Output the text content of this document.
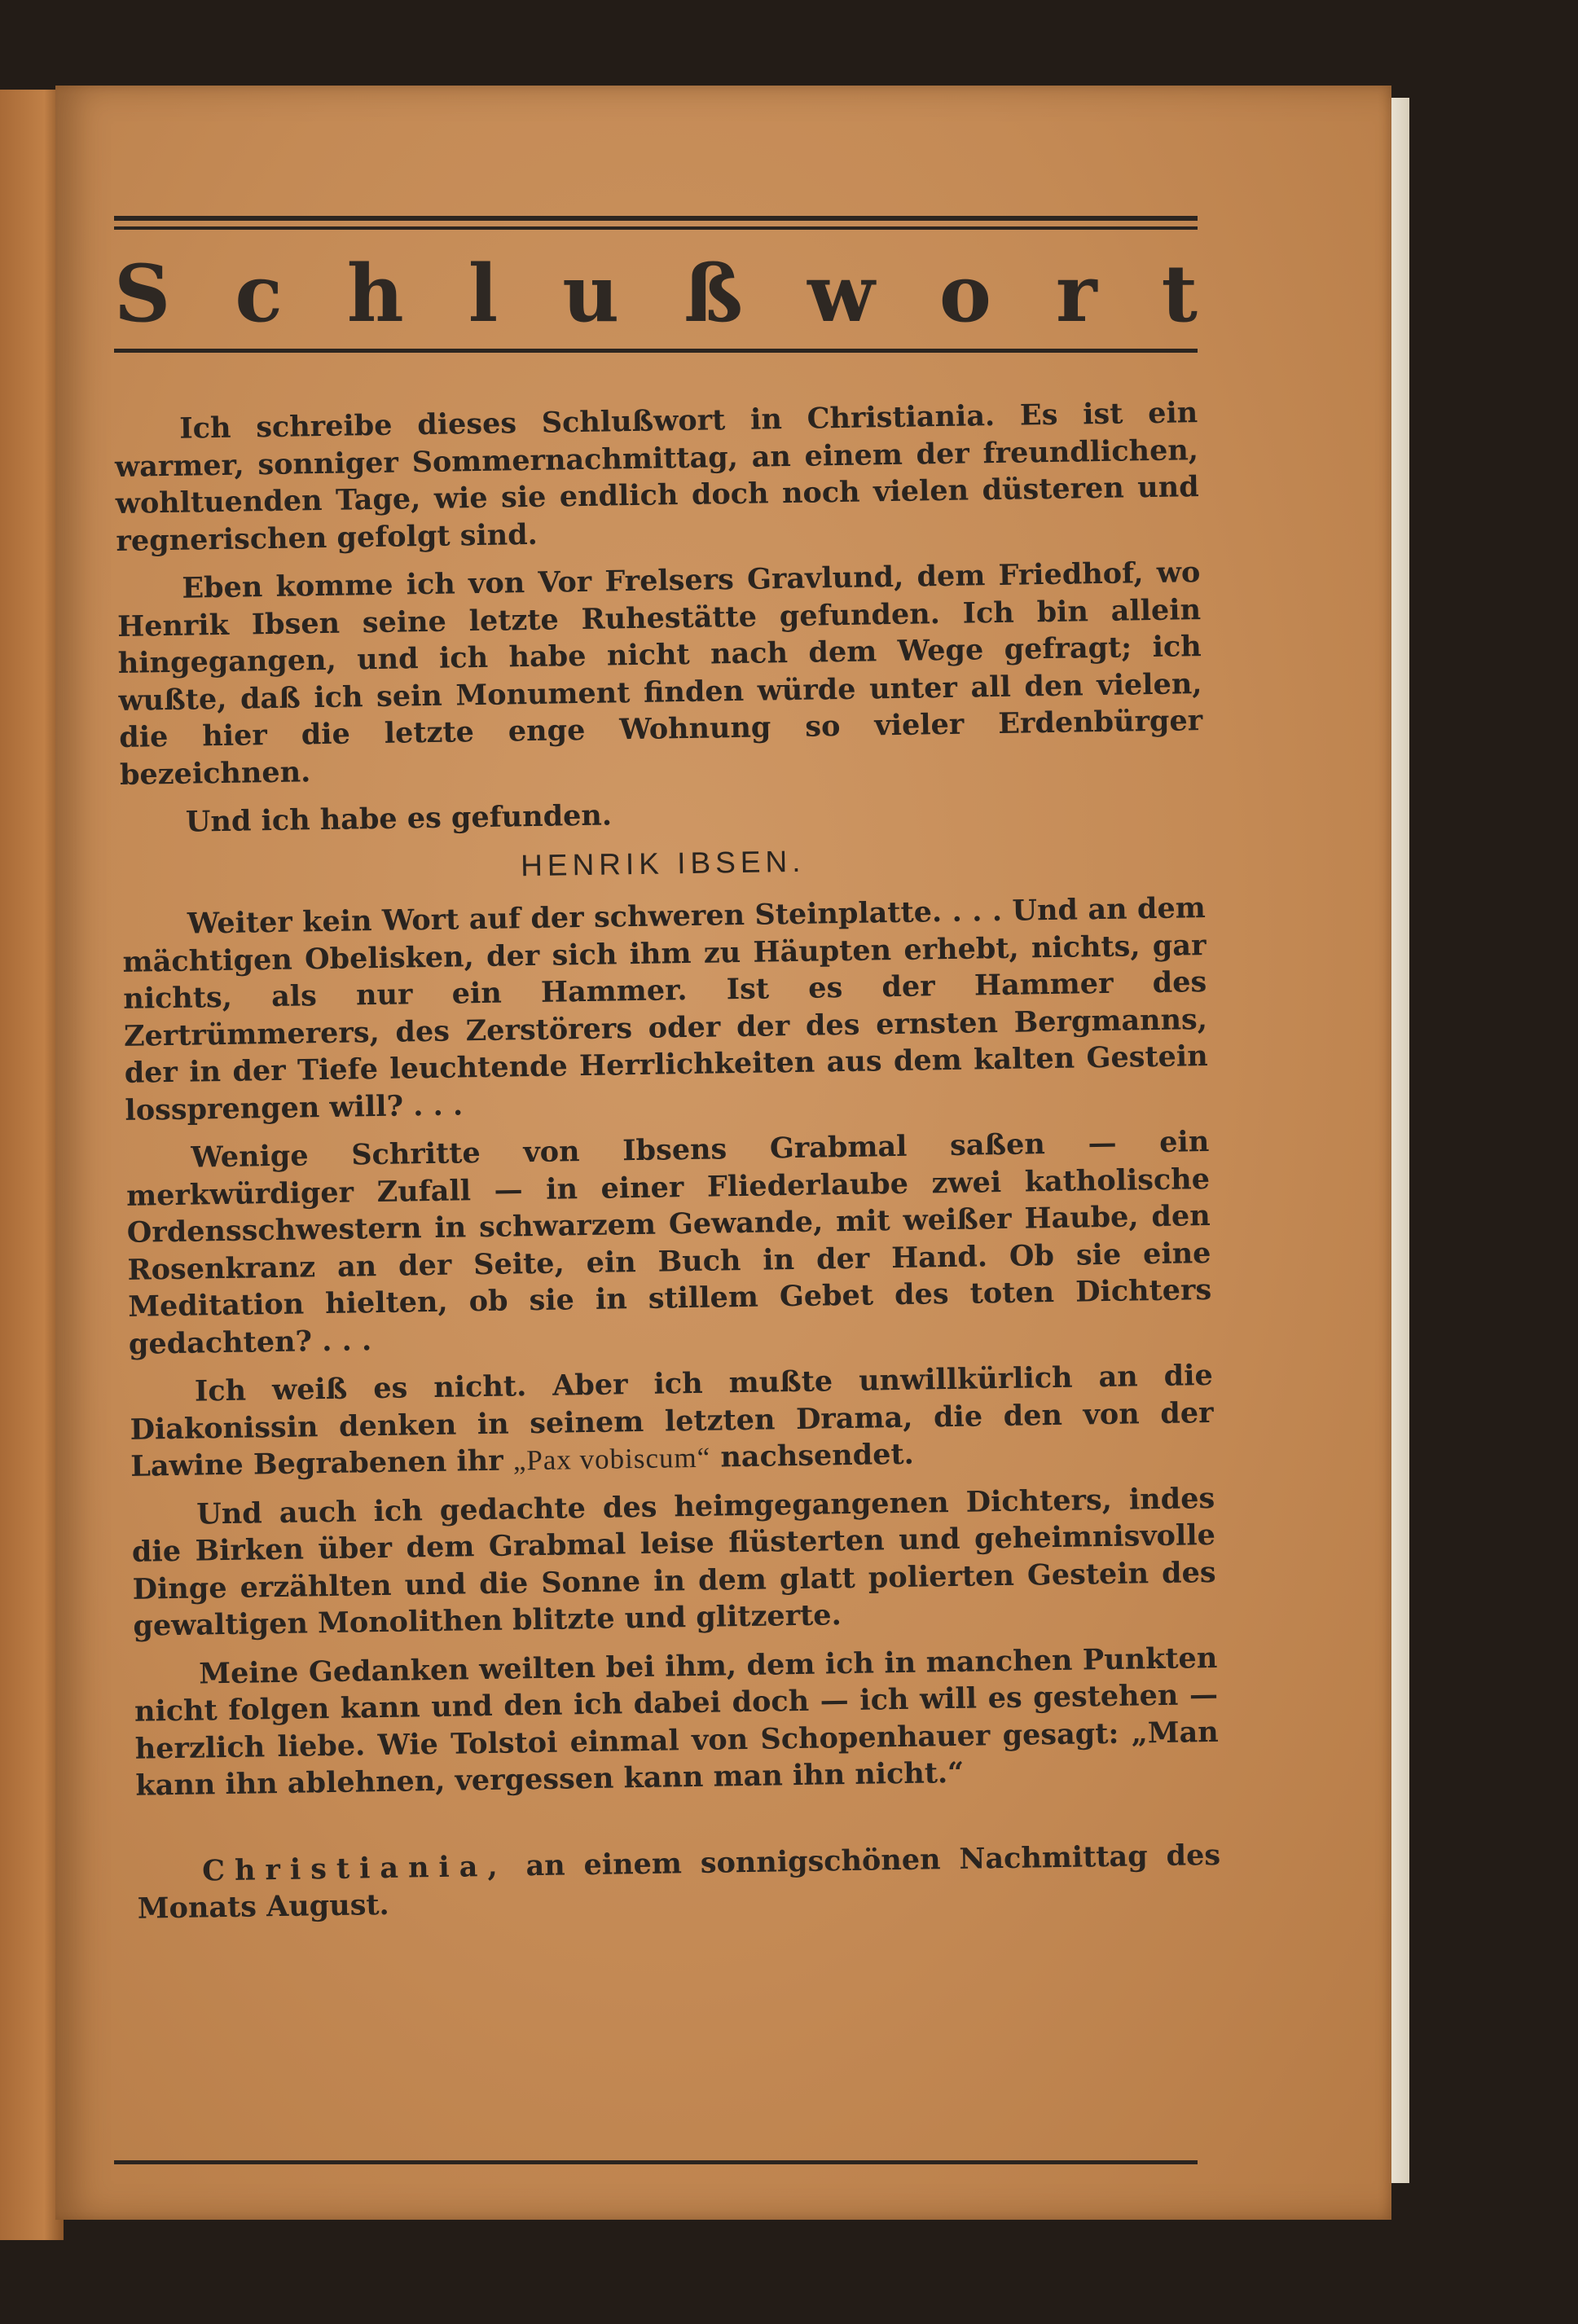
S c h l u ß w o r t

Ich schreibe dieses Schlußwort in Christiania. Es ist ein warmer, sonniger Sommernachmittag, an einem der freundlichen, wohltuenden Tage, wie sie endlich doch noch vielen düsteren und regnerischen gefolgt sind.

Eben komme ich von Vor Frelsers Gravlund, dem Friedhof, wo Henrik Ibsen seine letzte Ruhestätte gefunden. Ich bin allein hingegangen, und ich habe nicht nach dem Wege gefragt; ich wußte, daß ich sein Monument finden würde unter all den vielen, die hier die letzte enge Wohnung so vieler Erdenbürger bezeichnen.

Und ich habe es gefunden.

HENRIK IBSEN.

Weiter kein Wort auf der schweren Steinplatte. . . . Und an dem mächtigen Obelisken, der sich ihm zu Häupten erhebt, nichts, gar nichts, als nur ein Hammer. Ist es der Hammer des Zertrümmerers, des Zerstörers oder der des ernsten Bergmanns, der in der Tiefe leuchtende Herrlichkeiten aus dem kalten Gestein lossprengen will? . . .

Wenige Schritte von Ibsens Grabmal saßen — ein merkwürdiger Zufall — in einer Fliederlaube zwei katholische Ordensschwestern in schwarzem Gewande, mit weißer Haube, den Rosenkranz an der Seite, ein Buch in der Hand. Ob sie eine Meditation hielten, ob sie in stillem Gebet des toten Dichters gedachten? . . .

Ich weiß es nicht. Aber ich mußte unwillkürlich an die Diakonissin denken in seinem letzten Drama, die den von der Lawine Begrabenen ihr „Pax vobiscum“ nachsendet.

Und auch ich gedachte des heimgegangenen Dichters, indes die Birken über dem Grabmal leise flüsterten und geheimnisvolle Dinge erzählten und die Sonne in dem glatt polierten Gestein des gewaltigen Monolithen blitzte und glitzerte.

Meine Gedanken weilten bei ihm, dem ich in manchen Punkten nicht folgen kann und den ich dabei doch — ich will es gestehen — herzlich liebe. Wie Tolstoi einmal von Schopenhauer gesagt: „Man kann ihn ablehnen, vergessen kann man ihn nicht.“

Christiania, an einem sonnigschönen Nachmittag des Monats August.
